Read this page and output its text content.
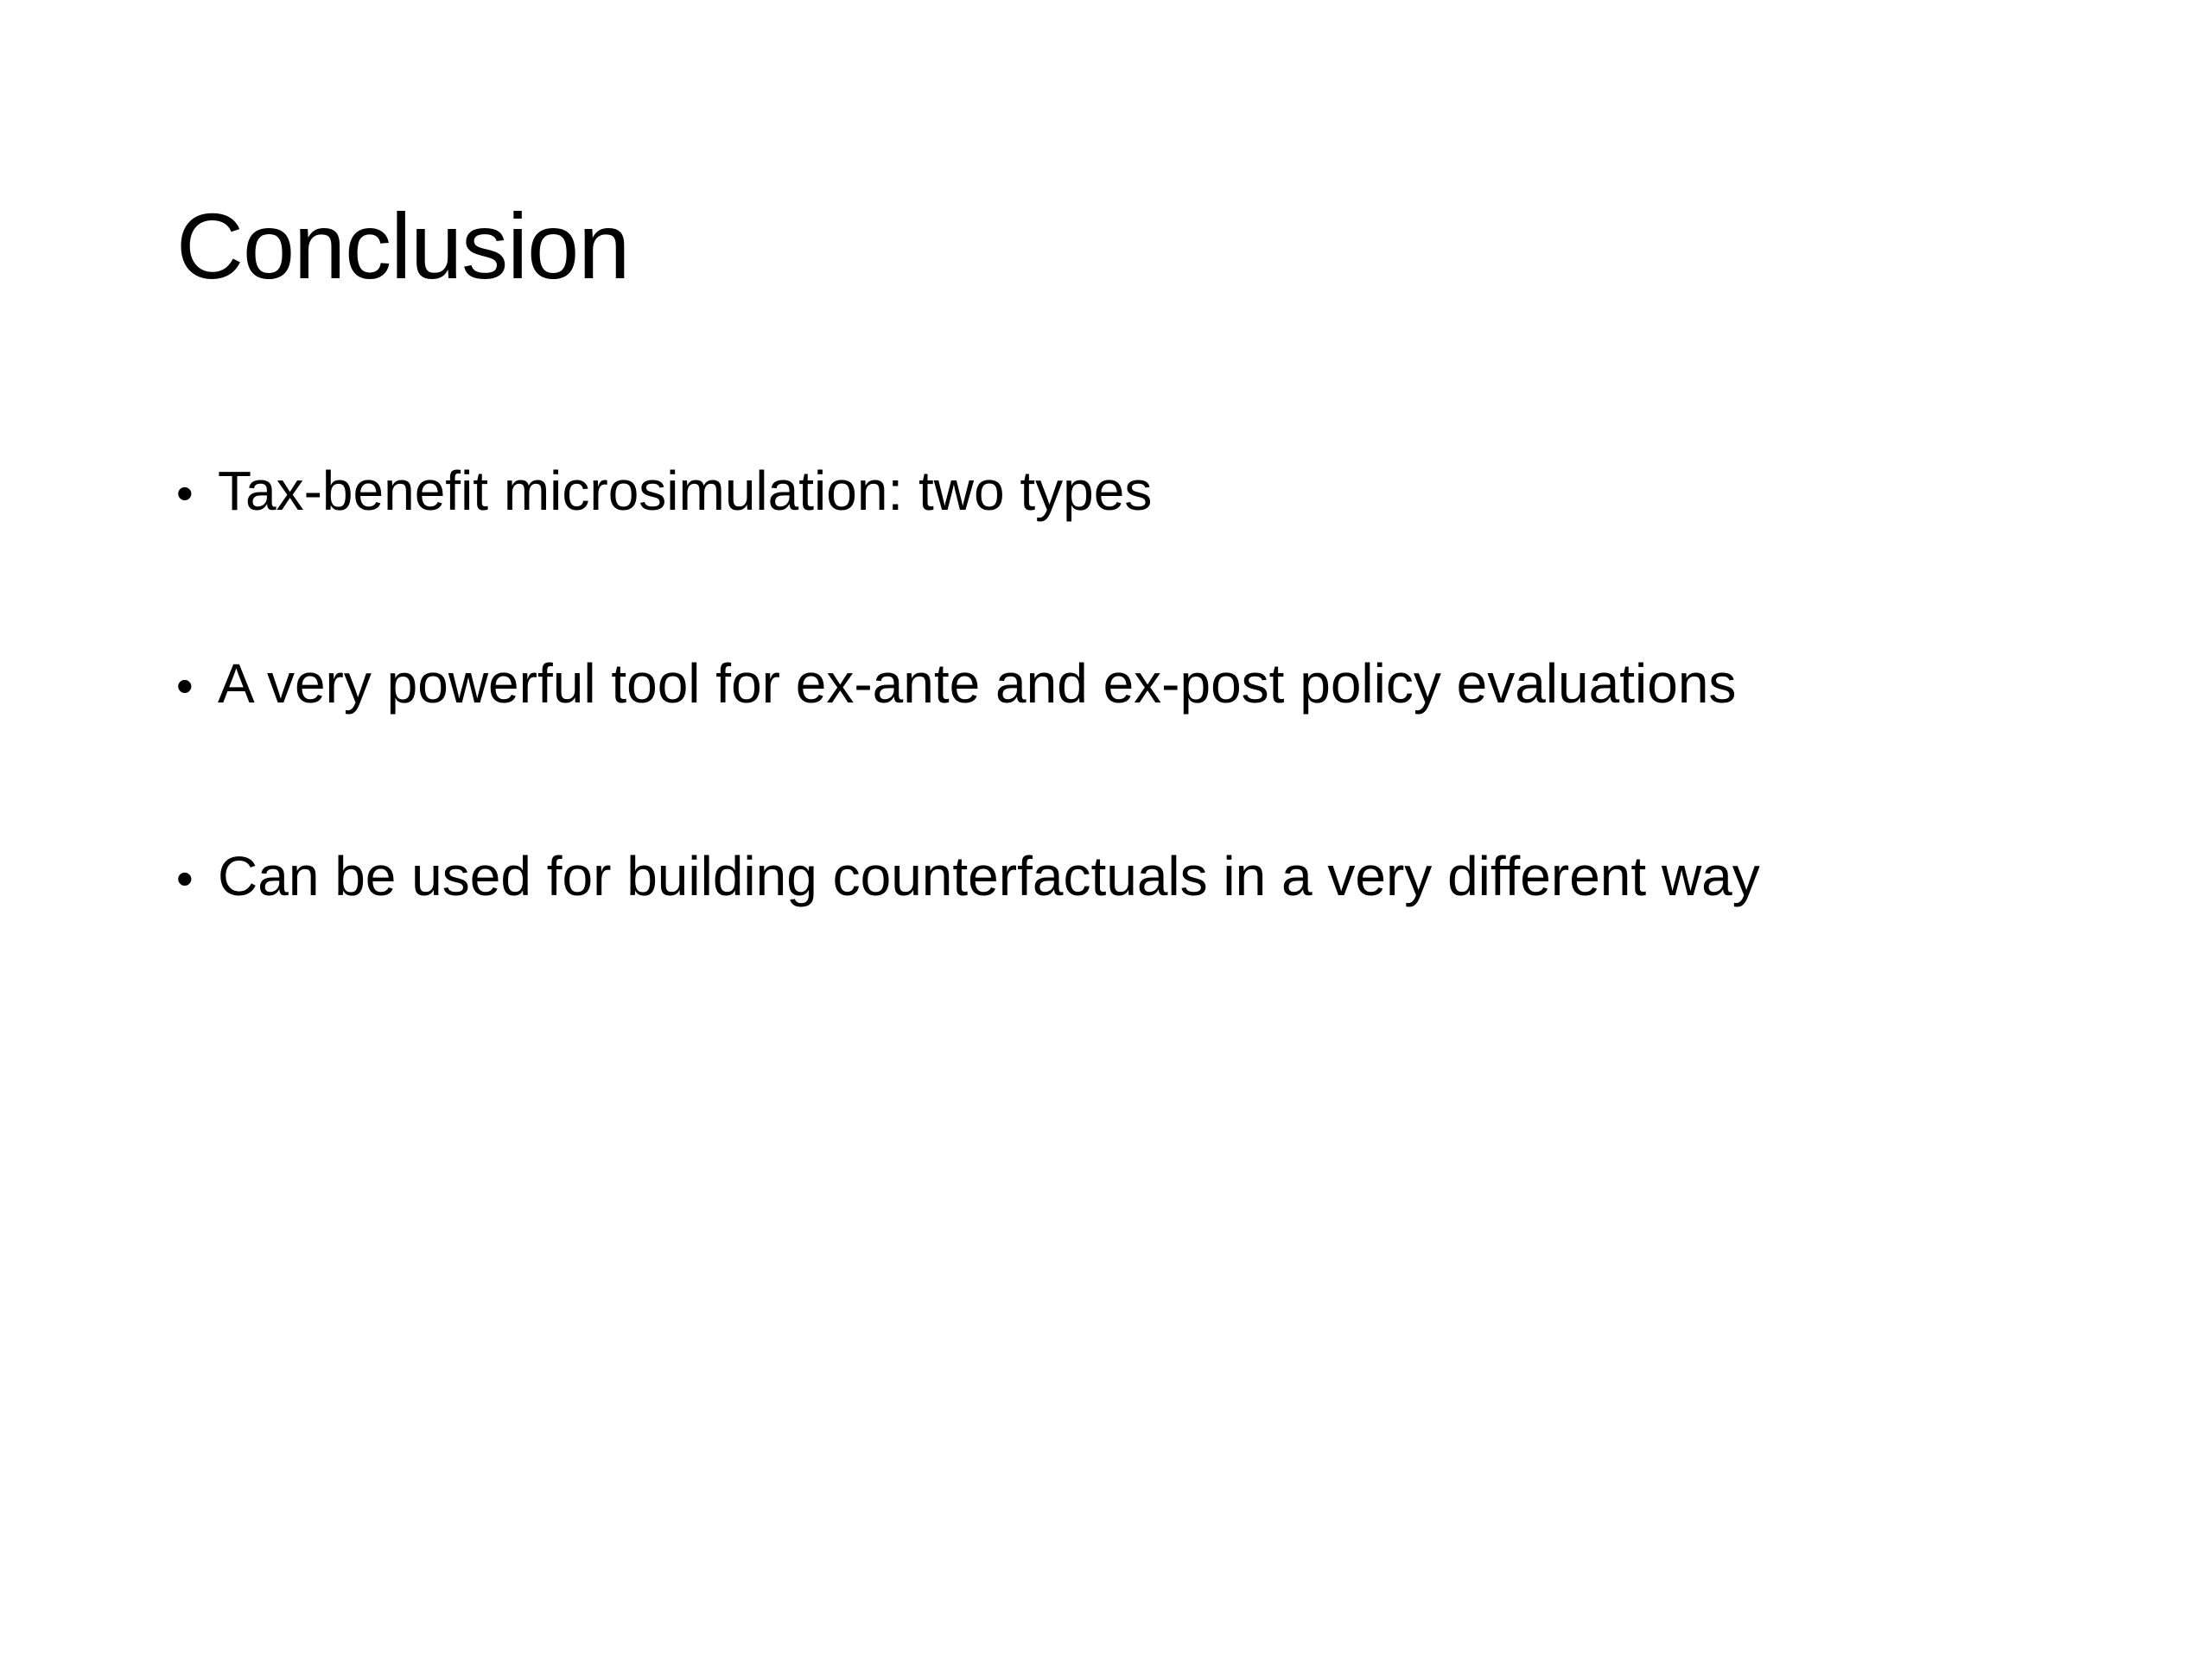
Conclusion
• Tax-benefit microsimulation: two types
• A very powerful tool for ex-ante and ex-post policy evaluations
• Can be used for building counterfactuals in a very different way
